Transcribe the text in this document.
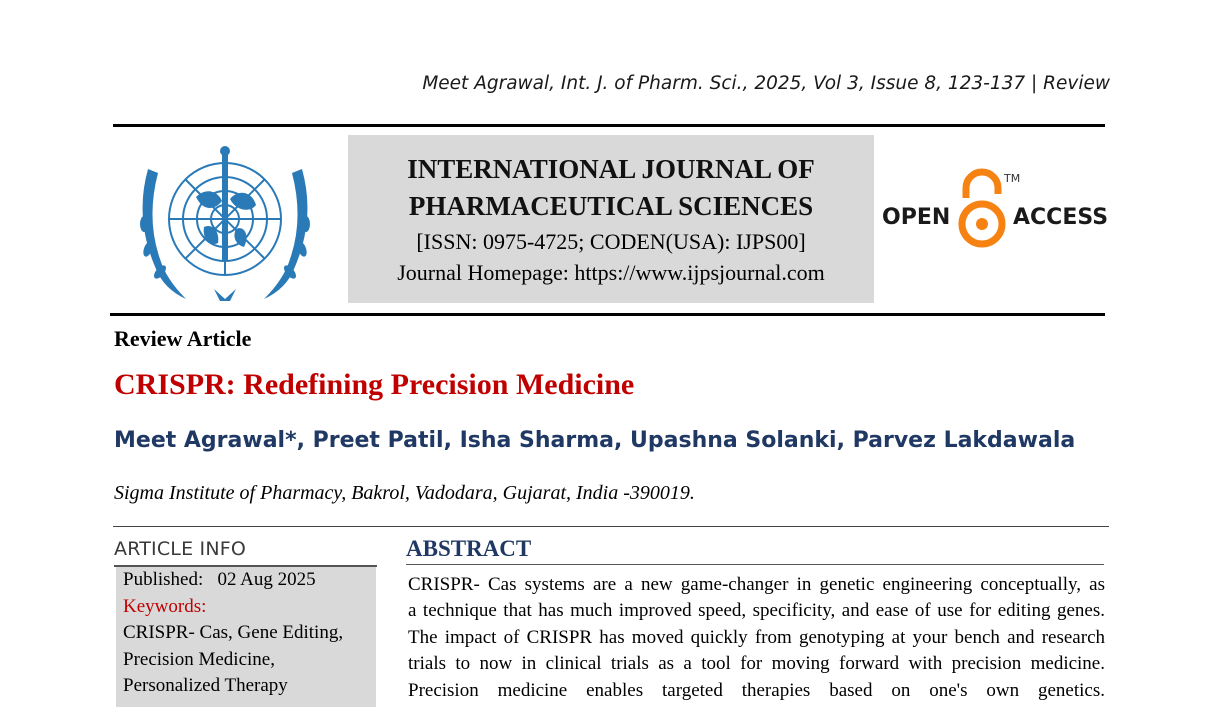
Meet Agrawal, Int. J. of Pharm. Sci., 2025, Vol 3, Issue 8, 123-137 | Review
INTERNATIONAL JOURNAL OF
PHARMACEUTICAL SCIENCES
[ISSN: 0975-4725; CODEN(USA): IJPS00]
Journal Homepage: https://www.ijpsjournal.com
OPEN	ACCESS
TM
Review Article
CRISPR: Redefining Precision Medicine
Meet Agrawal*, Preet Patil, Isha Sharma, Upashna Solanki, Parvez Lakdawala
Sigma Institute of Pharmacy, Bakrol, Vadodara, Gujarat, India -390019.
ARTICLE INFO
Published: 02 Aug 2025
Keywords:
CRISPR- Cas, Gene Editing,
Precision Medicine,
Personalized Therapy
ABSTRACT
CRISPR- Cas systems are a new game-changer in genetic engineering conceptually, as
a technique that has much improved speed, specificity, and ease of use for editing genes.
The impact of CRISPR has moved quickly from genotyping at your bench and research
trials to now in clinical trials as a tool for moving forward with precision medicine.
Precision medicine enables targeted therapies based on one's own genetics.
